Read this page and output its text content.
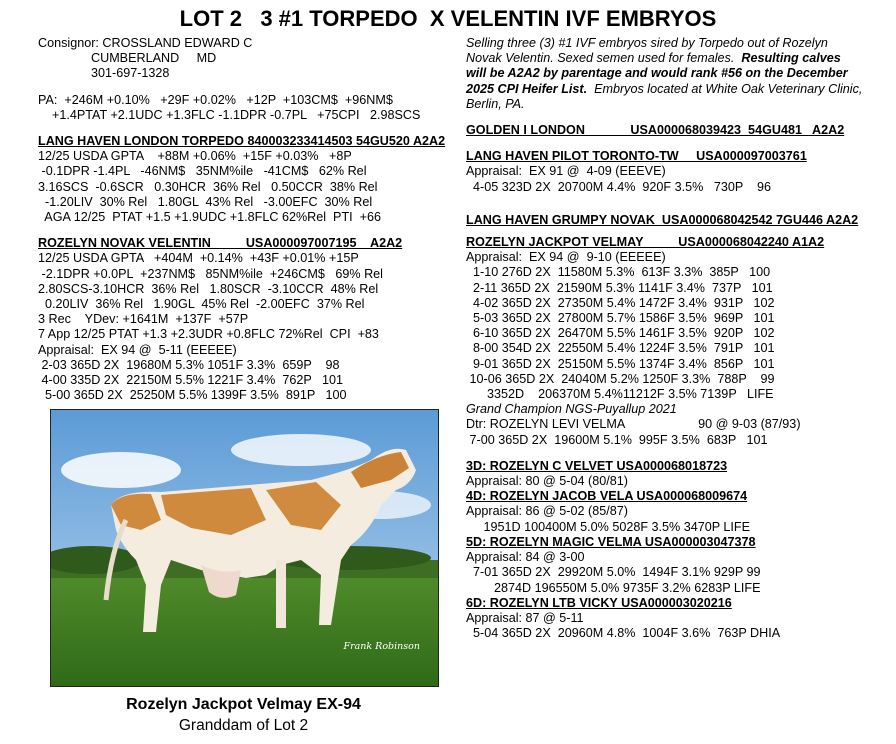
LOT 2   3 #1 TORPEDO  X VELENTIN IVF EMBRYOS
Consignor: CROSSLAND EDWARD C
CUMBERLAND     MD
301-697-1328
PA:  +246M +0.10%   +29F +0.02%   +12P  +103CM$  +96NM$
+1.4PTAT +2.1UDC +1.3FLC -1.1DPR -0.7PL   +75CPI   2.98SCS
LANG HAVEN LONDON TORPEDO 840003233414503 54GU520 A2A2
12/25 USDA GPTA    +88M +0.06%  +15F +0.03%   +8P
-0.1DPR -1.4PL   -46NM$   35NM%ile   -41CM$   62% Rel
3.16SCS  -0.6SCR   0.30HCR  36% Rel   0.50CCR  38% Rel
-1.20LIV  30% Rel   1.80GL  43% Rel   -3.00EFC  30% Rel
AGA 12/25  PTAT +1.5 +1.9UDC +1.8FLC 62%Rel  PTI  +66
ROZELYN NOVAK VELENTIN          USA000097007195    A2A2
12/25 USDA GPTA   +404M  +0.14%  +43F +0.01% +15P
-2.1DPR +0.0PL  +237NM$   85NM%ile  +246CM$   69% Rel
2.80SCS-3.10HCR  36% Rel   1.80SCR  -3.10CCR  48% Rel
0.20LIV  36% Rel   1.90GL  45% Rel  -2.00EFC  37% Rel
3 Rec    YDev: +1641M  +137F  +57P
7 App 12/25 PTAT +1.3 +2.3UDR +0.8FLC 72%Rel  CPI  +83
Appraisal:  EX 94 @  5-11 (EEEEE)
2-03 365D 2X  19680M 5.3% 1051F 3.3%  659P    98
4-00 335D 2X  22150M 5.5% 1221F 3.4%  762P   101
5-00 365D 2X  25250M 5.5% 1399F 3.5%  891P   100
Frank Robinson
Rozelyn Jackpot Velmay EX-94
Granddam of Lot 2
Selling three (3) #1 IVF embryos sired by Torpedo out of Rozelyn
Novak Velentin. Sexed semen used for females.  Resulting calves
will be A2A2 by parentage and would rank #56 on the December
2025 CPI Heifer List.  Embryos located at White Oak Veterinary Clinic,
Berlin, PA.
GOLDEN I LONDON             USA000068039423  54GU481   A2A2
LANG HAVEN PILOT TORONTO-TW     USA000097003761
Appraisal:  EX 91 @  4-09 (EEEVE)
4-05 323D 2X  20700M 4.4%  920F 3.5%   730P    96
LANG HAVEN GRUMPY NOVAK  USA000068042542 7GU446 A2A2
ROZELYN JACKPOT VELMAY          USA000068042240 A1A2
Appraisal:  EX 94 @  9-10 (EEEEE)
1-10 276D 2X  11580M 5.3%  613F 3.3%  385P   100
2-11 365D 2X  21590M 5.3% 1141F 3.4%  737P   101
4-02 365D 2X  27350M 5.4% 1472F 3.4%  931P   102
5-03 365D 2X  27800M 5.7% 1586F 3.5%  969P   101
6-10 365D 2X  26470M 5.5% 1461F 3.5%  920P   102
8-00 354D 2X  22550M 5.4% 1224F 3.5%  791P   101
9-01 365D 2X  25150M 5.5% 1374F 3.4%  856P   101
10-06 365D 2X  24040M 5.2% 1250F 3.3%  788P    99
3352D    206370M 5.4%11212F 3.5% 7139P   LIFE
Grand Champion NGS-Puyallup 2021
Dtr: ROZELYN LEVI VELMA                     90 @ 9-03 (87/93)
7-00 365D 2X  19600M 5.1%  995F 3.5%  683P   101
3D: ROZELYN C VELVET USA000068018723
Appraisal: 80 @ 5-04 (80/81)
4D: ROZELYN JACOB VELA USA000068009674
Appraisal: 86 @ 5-02 (85/87)
1951D 100400M 5.0% 5028F 3.5% 3470P LIFE
5D: ROZELYN MAGIC VELMA USA000003047378
Appraisal: 84 @ 3-00
7-01 365D 2X  29920M 5.0%  1494F 3.1% 929P 99
2874D 196550M 5.0% 9735F 3.2% 6283P LIFE
6D: ROZELYN LTB VICKY USA000003020216
Appraisal: 87 @ 5-11
5-04 365D 2X  20960M 4.8%  1004F 3.6%  763P DHIA
